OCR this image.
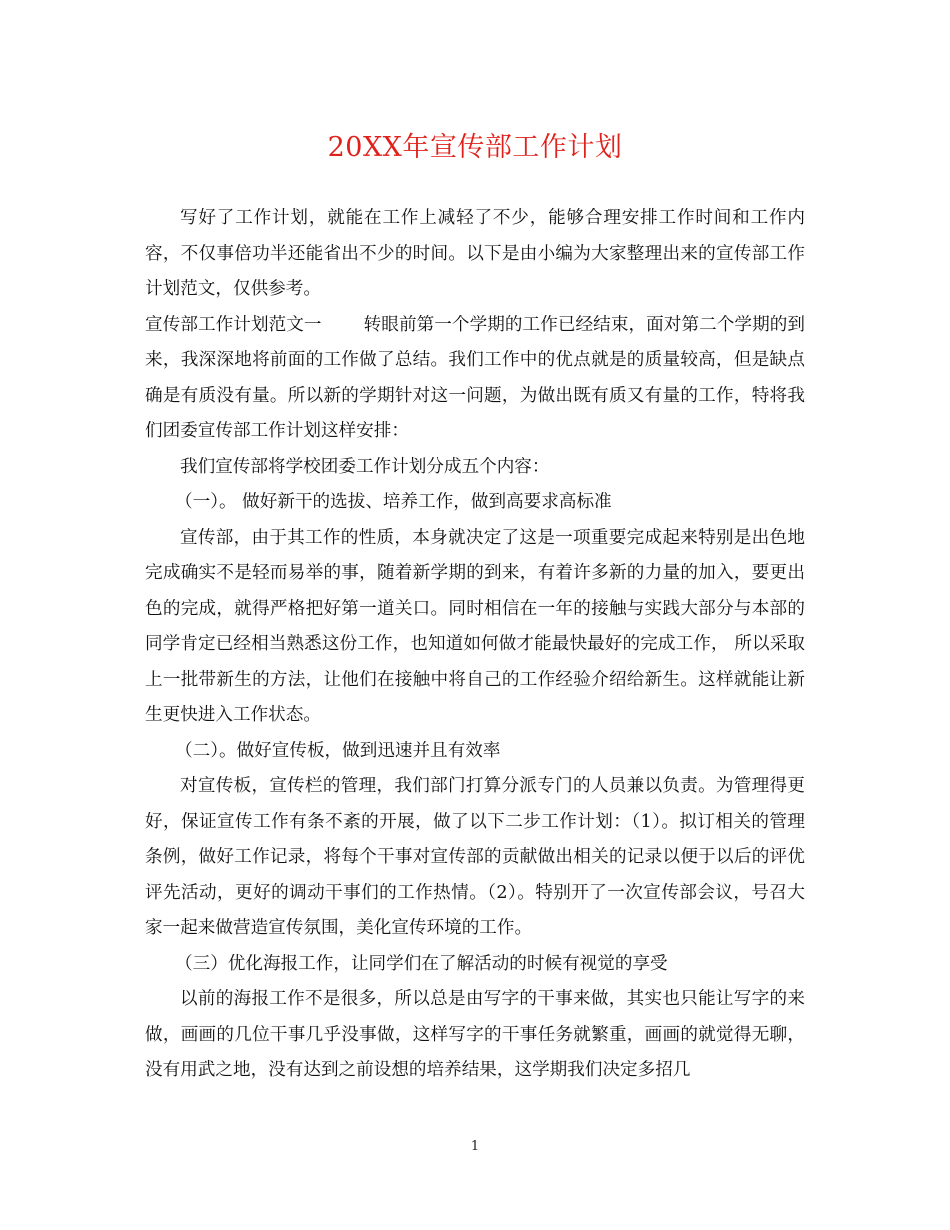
20XX年宣传部工作计划

写好了工作计划，就能在工作上减轻了不少，能够合理安排工作时间和工作内容，不仅事倍功半还能省出不少的时间。以下是由小编为大家整理出来的宣传部工作计划范文，仅供参考。

宣传部工作计划范文一 转眼前第一个学期的工作已经结束，面对第二个学期的到来，我深深地将前面的工作做了总结。我们工作中的优点就是的质量较高，但是缺点确是有质没有量。所以新的学期针对这一问题，为做出既有质又有量的工作，特将我们团委宣传部工作计划这样安排：

我们宣传部将学校团委工作计划分成五个内容：

（一）。 做好新干的选拔、培养工作，做到高要求高标准

宣传部，由于其工作的性质，本身就决定了这是一项重要完成起来特别是出色地完成确实不是轻而易举的事，随着新学期的到来，有着许多新的力量的加入，要更出色的完成，就得严格把好第一道关口。同时相信在一年的接触与实践大部分与本部的同学肯定已经相当熟悉这份工作，也知道如何做才能最快最好的完成工作， 所以采取上一批带新生的方法，让他们在接触中将自己的工作经验介绍给新生。这样就能让新生更快进入工作状态。

（二）。做好宣传板，做到迅速并且有效率

对宣传板，宣传栏的管理，我们部门打算分派专门的人员兼以负责。为管理得更好，保证宣传工作有条不紊的开展，做了以下二步工作计划：（1）。拟订相关的管理条例，做好工作记录，将每个干事对宣传部的贡献做出相关的记录以便于以后的评优评先活动，更好的调动干事们的工作热情。（2）。特别开了一次宣传部会议，号召大家一起来做营造宣传氛围，美化宣传环境的工作。

（三）优化海报工作，让同学们在了解活动的时候有视觉的享受

以前的海报工作不是很多，所以总是由写字的干事来做，其实也只能让写字的来做，画画的几位干事几乎没事做，这样写字的干事任务就繁重，画画的就觉得无聊，没有用武之地，没有达到之前设想的培养结果，这学期我们决定多招几

1
